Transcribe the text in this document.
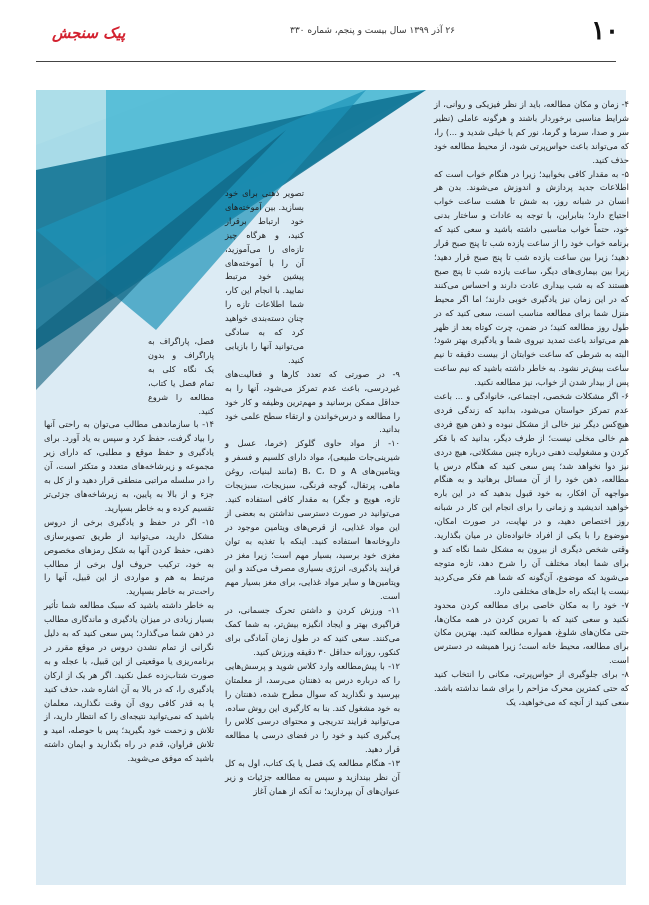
پیک سنجش	۲۶ آذر ۱۳۹۹ سال بیست و پنجم، شماره ۳۳۰	۱۰

۴- زمان و مکان مطالعه، باید از نظر فیزیکی و روانی، از شرایط مناسبی برخوردار باشند و هرگونه عاملی (نظیر سر و صدا، سرما و گرما، نور کم یا خیلی شدید و ...) را، که می‌تواند باعث حواس‌پرتی شود، از محیط مطالعه خود حذف کنید.

۵- به مقدار کافی بخوابید؛ زیرا در هنگام خواب است که اطلاعات جدید پردازش و اندوزش می‌شوند. بدن هر انسان در شبانه روز، به شش تا هشت ساعت خواب احتیاج دارد؛ بنابراین، با توجه به عادات و ساختار بدنی خود، حتماً خواب مناسبی داشته باشید و سعی کنید که برنامه خواب خود را از ساعت یازده شب تا پنج صبح قرار دهید؛ زیرا بین ساعت یازده شب تا پنج صبح قرار دهید؛ زیرا بین بیماری‌های دیگر، ساعت یازده شب تا پنج صبح هستند که به شب بیداری عادت دارند و احساس می‌کنند که در این زمان نیز یادگیری خوبی دارند؛ اما اگر محیط منزل شما برای مطالعه مناسب است، سعی کنید که در طول روز مطالعه کنید؛ در ضمن، چرت کوتاه بعد از ظهر هم می‌تواند باعث تمدید نیروی شما و یادگیری بهتر شود؛ البته به شرطی که ساعت خوابتان از بیست دقیقه تا نیم ساعت بیش‌تر نشود. به خاطر داشته باشید که نیم ساعت پس از بیدار شدن از خواب، نیز مطالعه نکنید.

۶- اگر مشکلات شخصی، اجتماعی، خانوادگی و ... باعث عدم تمرکز حواستان می‌شود، بدانید که زندگی فردی هیچ‌کس دیگر نیز خالی از مشکل نبوده و ذهن هیچ فردی هم خالی مخلی نیست؛ از طرف دیگر، بدانید که با فکر کردن و مشغولیت ذهنی درباره چنین مشکلاتی، هیچ دردی نیز دوا نخواهد شد؛ پس سعی کنید که هنگام درس یا مطالعه، ذهن خود را از آن مسائل برهانید و به هنگام مواجهه آن افکار، به خود قبول بدهید که در این باره خواهید اندیشید و زمانی را برای انجام این کار در شبانه روز اختصاص دهید، و در نهایت، در صورت امکان، موضوع را با یکی از افراد خانواده‌تان در میان بگذارید. وقتی شخص دیگری از بیرون به مشکل شما نگاه کند و برای شما ابعاد مختلف آن را شرح دهد، تازه متوجه می‌شوید که موضوع، آن‌گونه که شما هم فکر می‌کردید نیست یا اینکه راه حل‌های مختلفی دارد.

۷- خود را به مکان خاصی برای مطالعه کردن محدود نکنید و سعی کنید که با تمرین کردن در همه مکان‌ها، حتی مکان‌های شلوغ، همواره مطالعه کنید. بهترین مکان برای مطالعه، محیط خانه است؛ زیرا همیشه در دسترس است.

۸- برای جلوگیری از حواس‌پرتی، مکانی را انتخاب کنید که حتی کمترین محرک مزاحم را برای شما نداشته باشد. سعی کنید از آنچه که می‌خواهید، یک

تصویر ذهنی برای خود بسازید. بین آموخته‌های خود ارتباط برقرار کنید، و هرگاه چیز تازه‌ای را می‌آموزید، آن را با آموخته‌های پیشین خود مرتبط نمایید. با انجام این کار، شما اطلاعات تازه را چنان دسته‌بندی خواهید کرد که به سادگی می‌توانید آنها را بازیابی کنید.

۹- در صورتی که تعدد کارها و فعالیت‌های غیردرسی، باعث عدم تمرکز می‌شود، آنها را به حداقل ممکن برسانید و مهم‌ترین وظیفه و کار خود را مطالعه و درس‌خواندن و ارتقاء سطح علمی خود بدانید.

۱۰- از مواد حاوی گلوکز (خرما، عسل و شیرینی‌جات طبیعی)، مواد دارای کلسیم و فسفر و ویتامین‌های A و B، C، D (مانند لبنیات، روغن ماهی، پرتقال، گوجه فرنگی، سبزیجات، سبزیجات تازه، هویج و جگر) به مقدار کافی استفاده کنید. می‌توانید در صورت دسترسی نداشتن به بعضی از این مواد غذایی، از قرص‌های ویتامین موجود در داروخانه‌ها استفاده کنید. اینکه با تغذیه به توان مغزی خود برسید، بسیار مهم است؛ زیرا مغز در فرایند یادگیری، انرژی بسیاری مصرف می‌کند و این ویتامین‌ها و سایر مواد غذایی، برای مغز بسیار مهم است.

۱۱- ورزش کردن و داشتن تحرک جسمانی، در فراگیری بهتر و ایجاد انگیزه بیش‌تر، به شما کمک می‌کنند. سعی کنید که در طول زمان آمادگی برای کنکور، روزانه حداقل ۳۰ دقیقه ورزش کنید.

۱۲- با پیش‌مطالعه وارد کلاس شوید و پرسش‌هایی را که درباره درس به ذهنتان می‌رسد، از معلمتان بپرسید و نگذارید که سوال مطرح شده، ذهنتان را به خود مشغول کند. بنا به کارگیری این روش ساده، می‌توانید فرایند تدریجی و محتوای درسی کلاس را پی‌گیری کنید و خود را در فضای درسی یا مطالعه قرار دهید.

۱۳- هنگام مطالعه یک فصل یا یک کتاب، اول به کل آن نظر بیندازید و سپس به مطالعه جزئیات و زیر عنوان‌های آن بپردازید؛ نه آنکه از همان آغاز

فصل، پاراگراف به پاراگراف و بدون یک نگاه کلی به تمام فصل یا کتاب، مطالعه را شروع کنید.

۱۴- با سازماندهی مطالب می‌توان به راحتی آنها را بیاد گرفت، حفظ کرد و سپس به یاد آورد. برای یادگیری و حفظ موقع و مطلبی، که دارای زیر مجموعه و زیرشاخه‌های متعدد و متکثر است، آن را در سلسله مراتبی منطقی قرار دهید و از کل به جزء و از بالا به پایین، به زیرشاخه‌های جزئی‌تر تقسیم کرده و به خاطر بسپارید.

۱۵- اگر در حفظ و یادگیری برخی از دروس مشکل دارید، می‌توانید از طریق تصویرسازی ذهنی، حفظ کردن آنها به شکل رمزهای مخصوص به خود، ترکیب حروف اول برخی از مطالب مرتبط به هم و مواردی از این قبیل، آنها را راحت‌تر به خاطر بسپارید.

به خاطر داشته باشید که سبک مطالعه شما تأثیر بسیار زیادی در میزان یادگیری و ماندگاری مطالب در ذهن شما می‌گذارد؛ پس سعی کنید که به دلیل نگرانی از تمام نشدن دروس در موقع مقرر در برنامه‌ریزی یا موقعیتی از این قبیل، با عجله و به صورت شتاب‌زده عمل نکنید. اگر هر یک از ارکان یادگیری را، که در بالا به آن اشاره شد، حذف کنید یا به قدر کافی روی آن وقت نگذارید، معلمان باشید که نمی‌توانید نتیجه‌ای را که انتظار دارید، از تلاش و زحمت خود بگیرید؛ پس با حوصله، امید و تلاش فراوان، قدم در راه بگذارید و ایمان داشته باشید که موفق می‌شوید.
